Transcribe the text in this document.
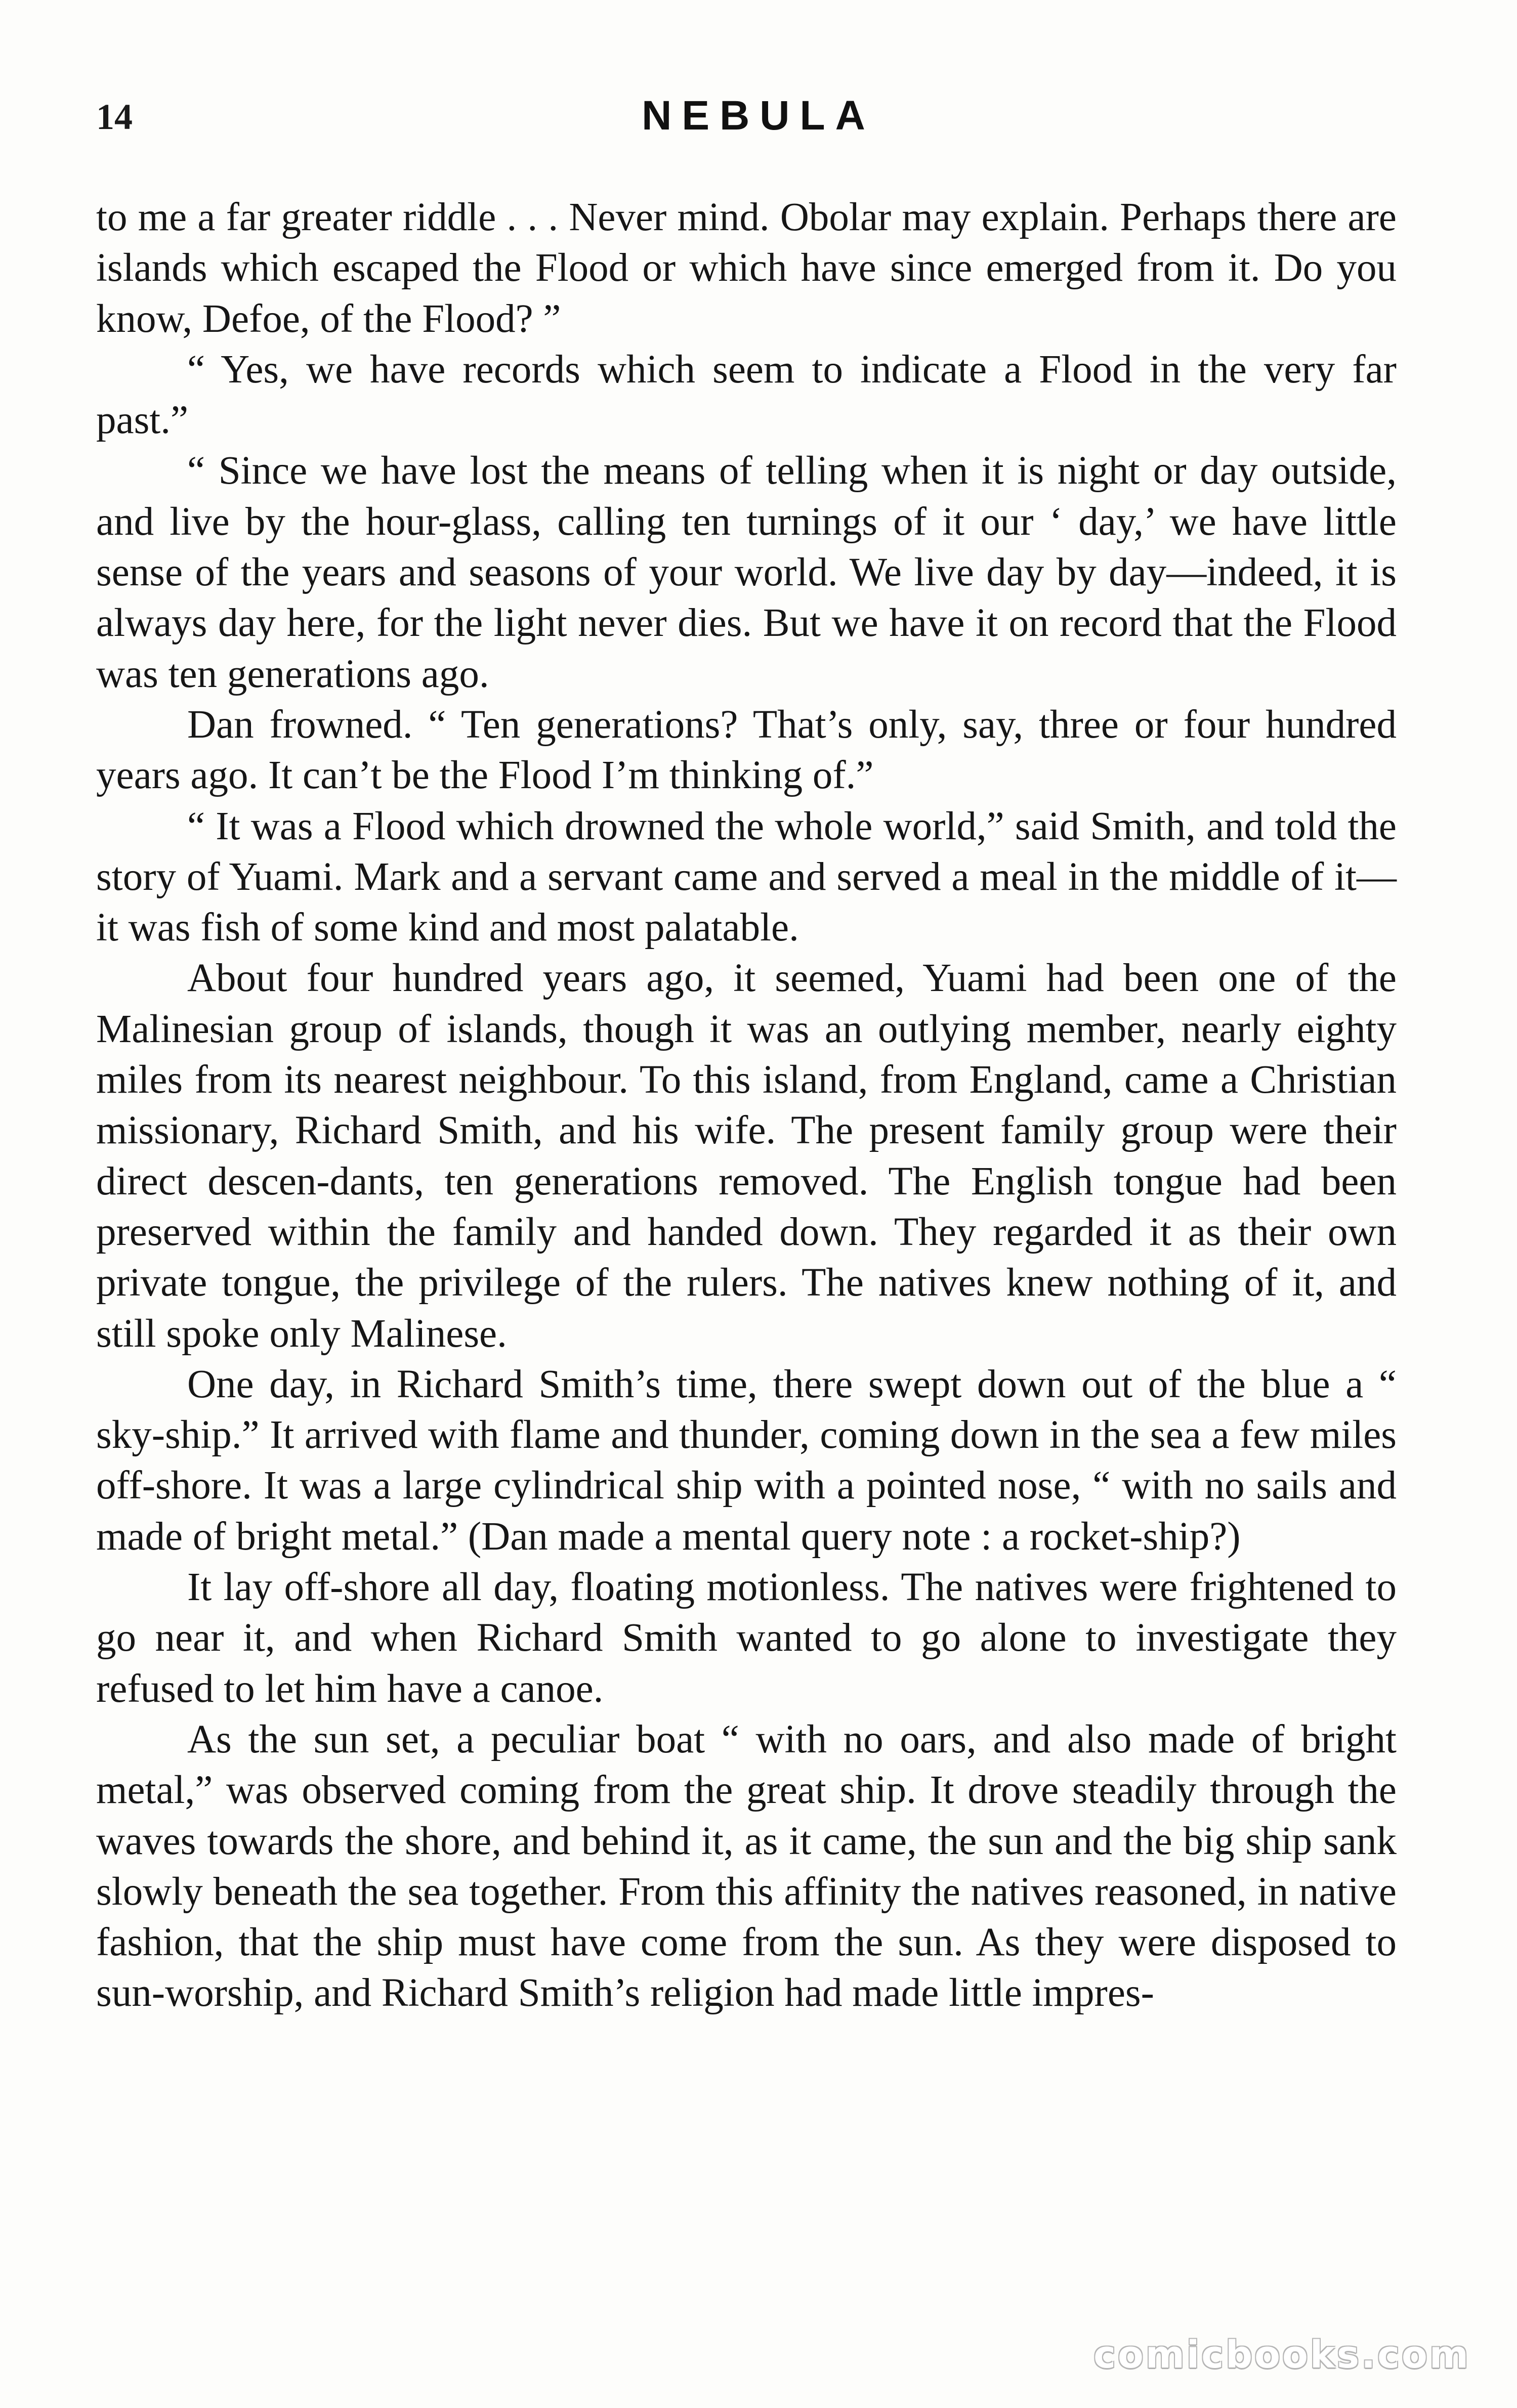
14	NEBULA

to me a far greater riddle . . . Never mind. Obolar may explain. Perhaps there are islands which escaped the Flood or which have since emerged from it. Do you know, Defoe, of the Flood? ”

“ Yes, we have records which seem to indicate a Flood in the very far past.”

“ Since we have lost the means of telling when it is night or day outside, and live by the hour-glass, calling ten turnings of it our ‘ day,’ we have little sense of the years and seasons of your world. We live day by day—indeed, it is always day here, for the light never dies. But we have it on record that the Flood was ten generations ago.

Dan frowned. “ Ten generations? That’s only, say, three or four hundred years ago. It can’t be the Flood I’m thinking of.”

“ It was a Flood which drowned the whole world,” said Smith, and told the story of Yuami. Mark and a servant came and served a meal in the middle of it—it was fish of some kind and most palatable.

About four hundred years ago, it seemed, Yuami had been one of the Malinesian group of islands, though it was an outlying member, nearly eighty miles from its nearest neighbour. To this island, from England, came a Christian missionary, Richard Smith, and his wife. The present family group were their direct descen-dants, ten generations removed. The English tongue had been preserved within the family and handed down. They regarded it as their own private tongue, the privilege of the rulers. The natives knew nothing of it, and still spoke only Malinese.

One day, in Richard Smith’s time, there swept down out of the blue a “ sky-ship.” It arrived with flame and thunder, coming down in the sea a few miles off-shore. It was a large cylindrical ship with a pointed nose, “ with no sails and made of bright metal.” (Dan made a mental query note : a rocket-ship?)

It lay off-shore all day, floating motionless. The natives were frightened to go near it, and when Richard Smith wanted to go alone to investigate they refused to let him have a canoe.

As the sun set, a peculiar boat “ with no oars, and also made of bright metal,” was observed coming from the great ship. It drove steadily through the waves towards the shore, and behind it, as it came, the sun and the big ship sank slowly beneath the sea together. From this affinity the natives reasoned, in native fashion, that the ship must have come from the sun. As they were disposed to sun-worship, and Richard Smith’s religion had made little impres-

comicbooks.com
